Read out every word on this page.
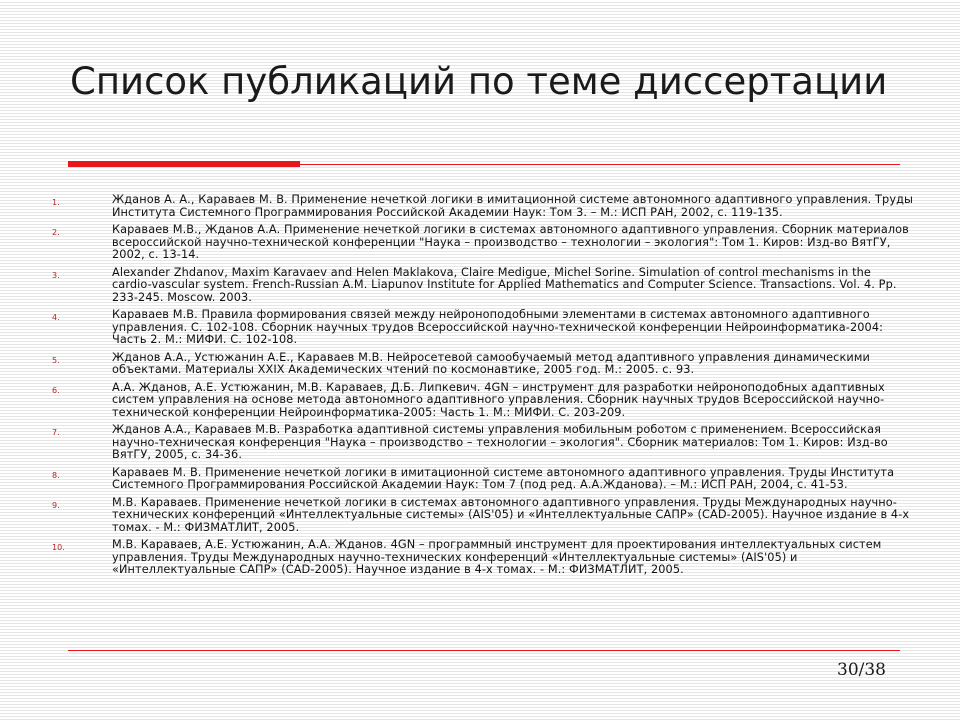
Список публикаций по теме диссертации
1.	Жданов А. А., Караваев М. В. Применение нечеткой логики в имитационной системе автономного адаптивного управления. Труды Института Системного Программирования Российской Академии Наук: Том 3. – М.: ИСП РАН, 2002, с. 119-135.
2.	Караваев М.В., Жданов А.А. Применение нечеткой логики в системах автономного адаптивного управления. Сборник материалов всероссийской научно-технической конференции "Наука – производство – технологии – экология": Том 1. Киров: Изд-во ВятГУ, 2002, с. 13-14.
3.	Alexander Zhdanov, Maxim Karavaev and Helen Maklakova, Claire Medigue, Michel Sorine. Simulation of control mechanisms in the cardio-vascular system. French-Russian A.M. Liapunov Institute for Applied Mathematics and Computer Science. Transactions. Vol. 4. Pp. 233-245. Moscow. 2003.
4.	Караваев М.В. Правила формирования связей между нейроноподобными элементами в системах автономного адаптивного управления. С. 102-108. Сборник научных трудов Всероссийской научно-технической конференции Нейроинформатика-2004: Часть 2. М.: МИФИ. С. 102-108.
5.	Жданов А.А., Устюжанин А.Е., Караваев М.В. Нейросетевой самообучаемый метод адаптивного управления динамическими объектами. Материалы XXIX Академических чтений по космонавтике, 2005 год. М.: 2005. с. 93.
6.	А.А. Жданов, А.Е. Устюжанин, М.В. Караваев, Д.Б. Липкевич. 4GN – инструмент для разработки нейроноподобных адаптивных систем управления на основе метода автономного адаптивного управления. Сборник научных трудов Всероссийской научно-технической конференции Нейроинформатика-2005: Часть 1. М.: МИФИ. С. 203-209.
7.	Жданов А.А., Караваев М.В. Разработка адаптивной системы управления мобильным роботом с применением. Всероссийская научно-техническая конференция "Наука – производство – технологии – экология". Сборник материалов: Том 1. Киров: Изд-во ВятГУ, 2005, с. 34-36.
8.	Караваев М. В. Применение нечеткой логики в имитационной системе автономного адаптивного управления. Труды Института Системного Программирования Российской Академии Наук: Том 7 (под ред. А.А.Жданова). – М.: ИСП РАН, 2004, с. 41-53.
9.	М.В. Караваев. Применение нечеткой логики в системах автономного адаптивного управления. Труды Международных научно-технических конференций «Интеллектуальные системы» (AIS'05) и «Интеллектуальные САПР» (CAD-2005). Научное издание в 4-х томах. - М.: ФИЗМАТЛИТ, 2005.
10.	М.В. Караваев, А.Е. Устюжанин, А.А. Жданов. 4GN – программный инструмент для проектирования интеллектуальных систем управления. Труды Международных научно-технических конференций «Интеллектуальные системы» (AIS'05) и «Интеллектуальные САПР» (CAD-2005). Научное издание в 4-х томах. - М.: ФИЗМАТЛИТ, 2005.
30/38
